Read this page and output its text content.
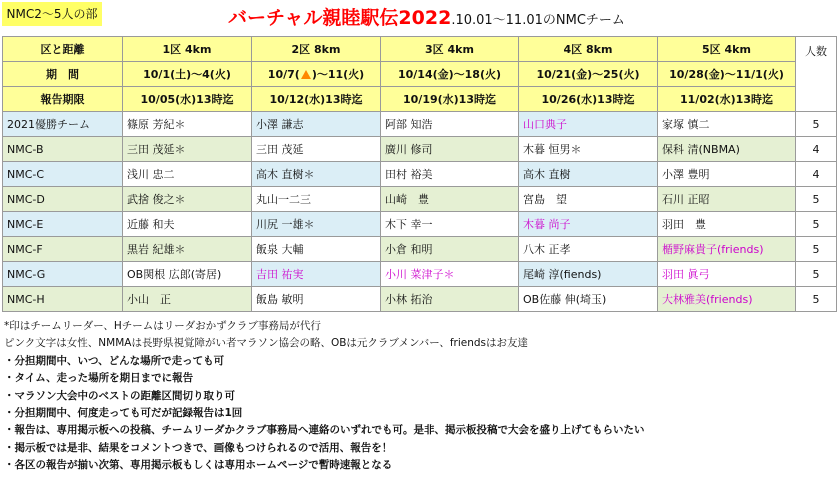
NMC2〜5人の部	バーチャル親睦駅伝2022.10.01〜11.01のNMCチーム
区と距離	1区 4km	2区 8km	3区 4km	4区 8km	5区 4km	人数
期　間	10/1(土)〜4(火)	10/7( )〜11(火)	10/14(金)〜18(火)	10/21(金)〜25(火)	10/28(金)〜11/1(火)	
報告期限	10/05(水)13時迄	10/12(水)13時迄	10/19(水)13時迄	10/26(水)13時迄	11/02(水)13時迄	
2021優勝チーム	篠原 芳紀＊	小澤 謙志	阿部 知浩	山口典子	家塚 慎二	5
NMC-B	三田 茂延＊	三田 茂延	廣川 修司	木暮 恒男＊	保科 清(NBMA)	4
NMC-C	浅川 忠二	高木 直樹＊	田村 裕美	高木 直樹	小澤 豊明	4
NMC-D	武捨 俊之＊	丸山一二三	山崎　豊	宮島　望	石川 正昭	5
NMC-E	近藤 和夫	川尻 一雄＊	木下 幸一	木暮 尚子	羽田　豊	5
NMC-F	黒岩 紀雄＊	飯泉 大輔	小倉 和明	八木 正孝	楯野麻貴子(friends)	5
NMC-G	OB関根 広郎(寄居)	吉田 祐実	小川 菜津子＊	尾崎 淳(fiends)	羽田 眞弓	5
NMC-H	小山　正	飯島 敏明	小林 拓治	OB佐藤 伸(埼玉)	大林雅美(friends)	5
*印はチームリーダー、Hチームはリーダおかずクラブ事務局が代行
ピンク文字は女性、NMMAは長野県視覚障がい者マラソン協会の略、OBは元クラブメンバー、friendsはお友達
・分担期間中、いつ、どんな場所で走っても可
・タイム、走った場所を期日までに報告
・マラソン大会中のベストの距離区間切り取り可
・分担期間中、何度走っても可だが記録報告は1回
・報告は、専用掲示板への投稿、チームリーダかクラブ事務局へ連絡のいずれでも可。是非、掲示板投稿で大会を盛り上げてもらいたい
・掲示板では是非、結果をコメントつきで、画像もつけられるので活用、報告を！
・各区の報告が揃い次第、専用掲示板もしくは専用ホームページで暫時速報となる
